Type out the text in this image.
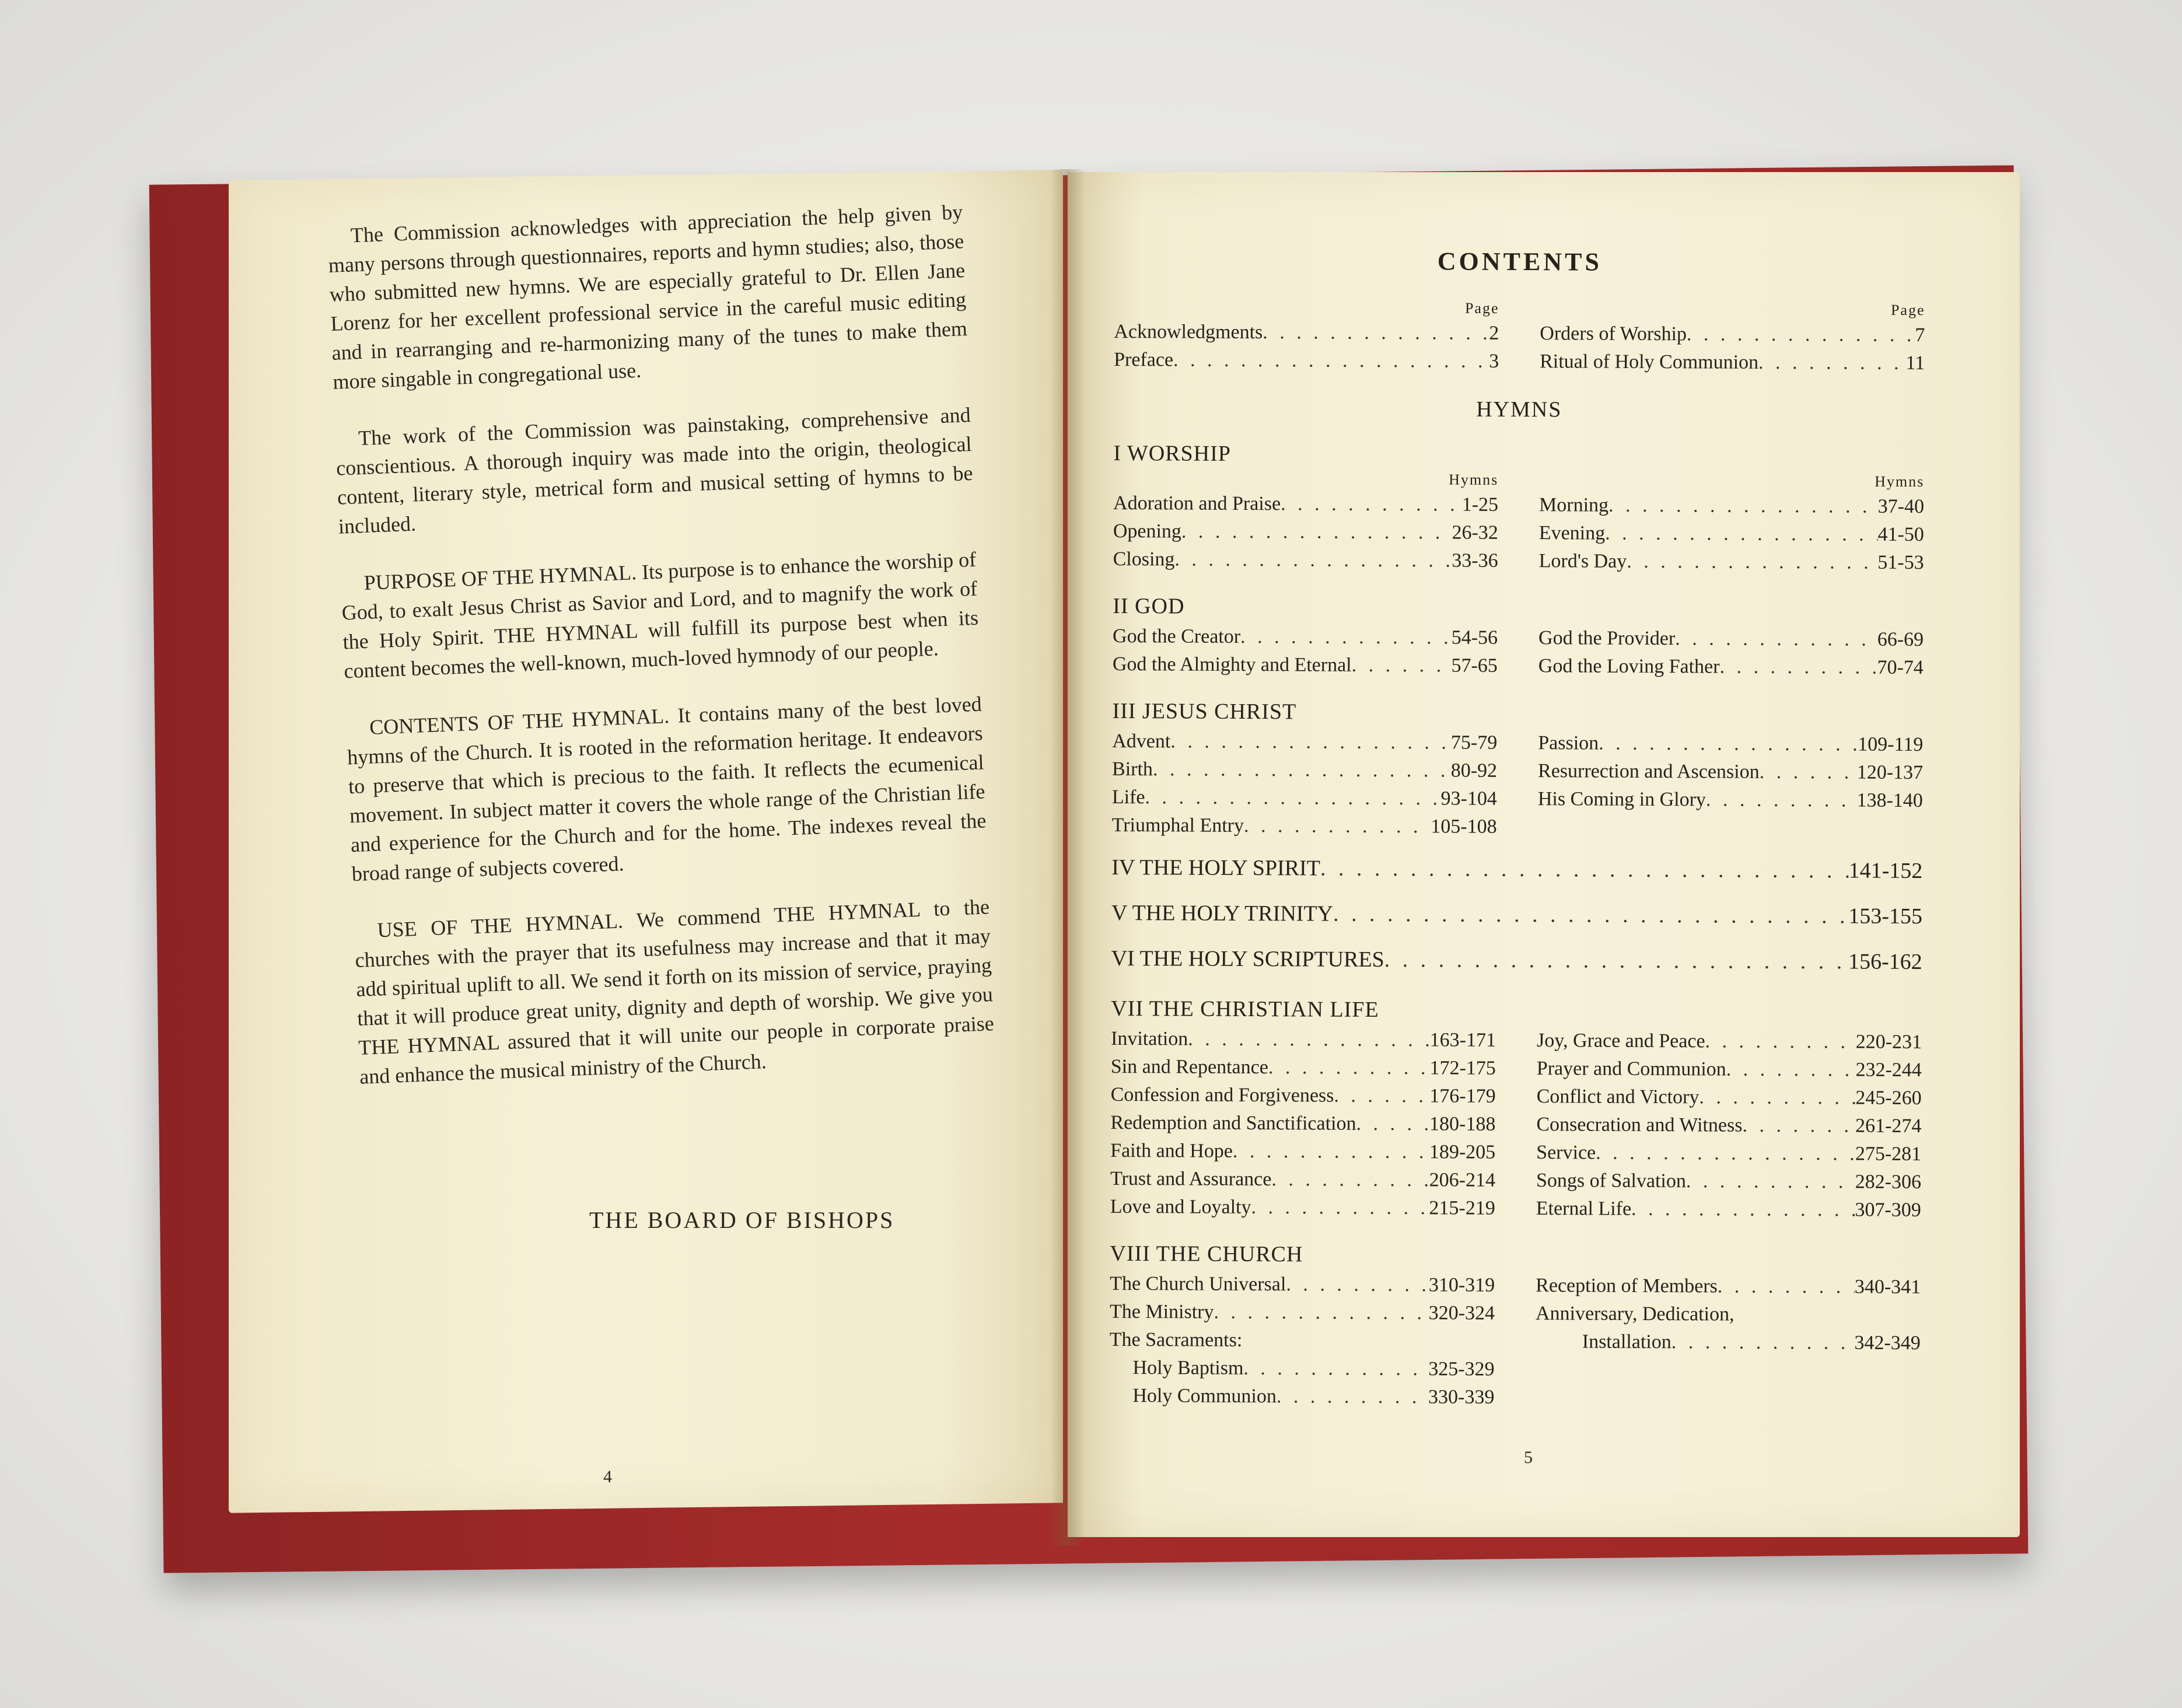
The Commission acknowledges with appreciation the help given by many persons through questionnaires, reports and hymn studies; also, those who submitted new hymns. We are especially grateful to Dr. Ellen Jane Lorenz for her excellent professional service in the careful music editing and in rearranging and re-harmonizing many of the tunes to make them more singable in congregational use.

The work of the Commission was painstaking, comprehensive and conscientious. A thorough inquiry was made into the origin, theological content, literary style, metrical form and musical setting of hymns to be included.

PURPOSE OF THE HYMNAL. Its purpose is to enhance the worship of God, to exalt Jesus Christ as Savior and Lord, and to magnify the work of the Holy Spirit. THE HYMNAL will fulfill its purpose best when its content becomes the well-known, much-loved hymnody of our people.

CONTENTS OF THE HYMNAL. It contains many of the best loved hymns of the Church. It is rooted in the reformation heritage. It endeavors to preserve that which is precious to the faith. It reflects the ecumenical movement. In subject matter it covers the whole range of the Christian life and experience for the Church and for the home. The indexes reveal the broad range of subjects covered.

USE OF THE HYMNAL. We commend THE HYMNAL to the churches with the prayer that its usefulness may increase and that it may add spiritual uplift to all. We send it forth on its mission of service, praying that it will produce great unity, dignity and depth of worship. We give you THE HYMNAL assured that it will unite our people in corporate praise and enhance the musical ministry of the Church.

THE BOARD OF BISHOPS
4
CONTENTS
Page
Acknowledgments . . .	2
Preface . . .	3
Page
Orders of Worship . . .	7
Ritual of Holy Communion . . .	11
HYMNS
I WORSHIP
Hymns
Adoration and Praise . . .	1-25
Opening . . .	26-32
Closing . . .	33-36
Hymns
Morning . . .	37-40
Evening . . .	41-50
Lord's Day . . .	51-53
II GOD
God the Creator . . .	54-56
God the Almighty and Eternal . . .	57-65
God the Provider . . .	66-69
God the Loving Father . . .	70-74
III JESUS CHRIST
Advent . . .	75-79
Birth . . .	80-92
Life . . .	93-104
Triumphal Entry . . .	105-108
Passion . . .	109-119
Resurrection and Ascension . . .	120-137
His Coming in Glory . . .	138-140
IV THE HOLY SPIRIT . . .	141-152
V THE HOLY TRINITY . . .	153-155
VI THE HOLY SCRIPTURES . . .	156-162
VII THE CHRISTIAN LIFE
Invitation . . .	163-171
Sin and Repentance . . .	172-175
Confession and Forgiveness . . .	176-179
Redemption and Sanctification . . .	180-188
Faith and Hope . . .	189-205
Trust and Assurance . . .	206-214
Love and Loyalty . . .	215-219
Joy, Grace and Peace . . .	220-231
Prayer and Communion . . .	232-244
Conflict and Victory . . .	245-260
Consecration and Witness . . .	261-274
Service . . .	275-281
Songs of Salvation . . .	282-306
Eternal Life . . .	307-309
VIII THE CHURCH
The Church Universal . . .	310-319
The Ministry . . .	320-324
The Sacraments:
Holy Baptism . . .	325-329
Holy Communion . . .	330-339
Reception of Members . . .	340-341
Anniversary, Dedication,
Installation . . .	342-349
5
